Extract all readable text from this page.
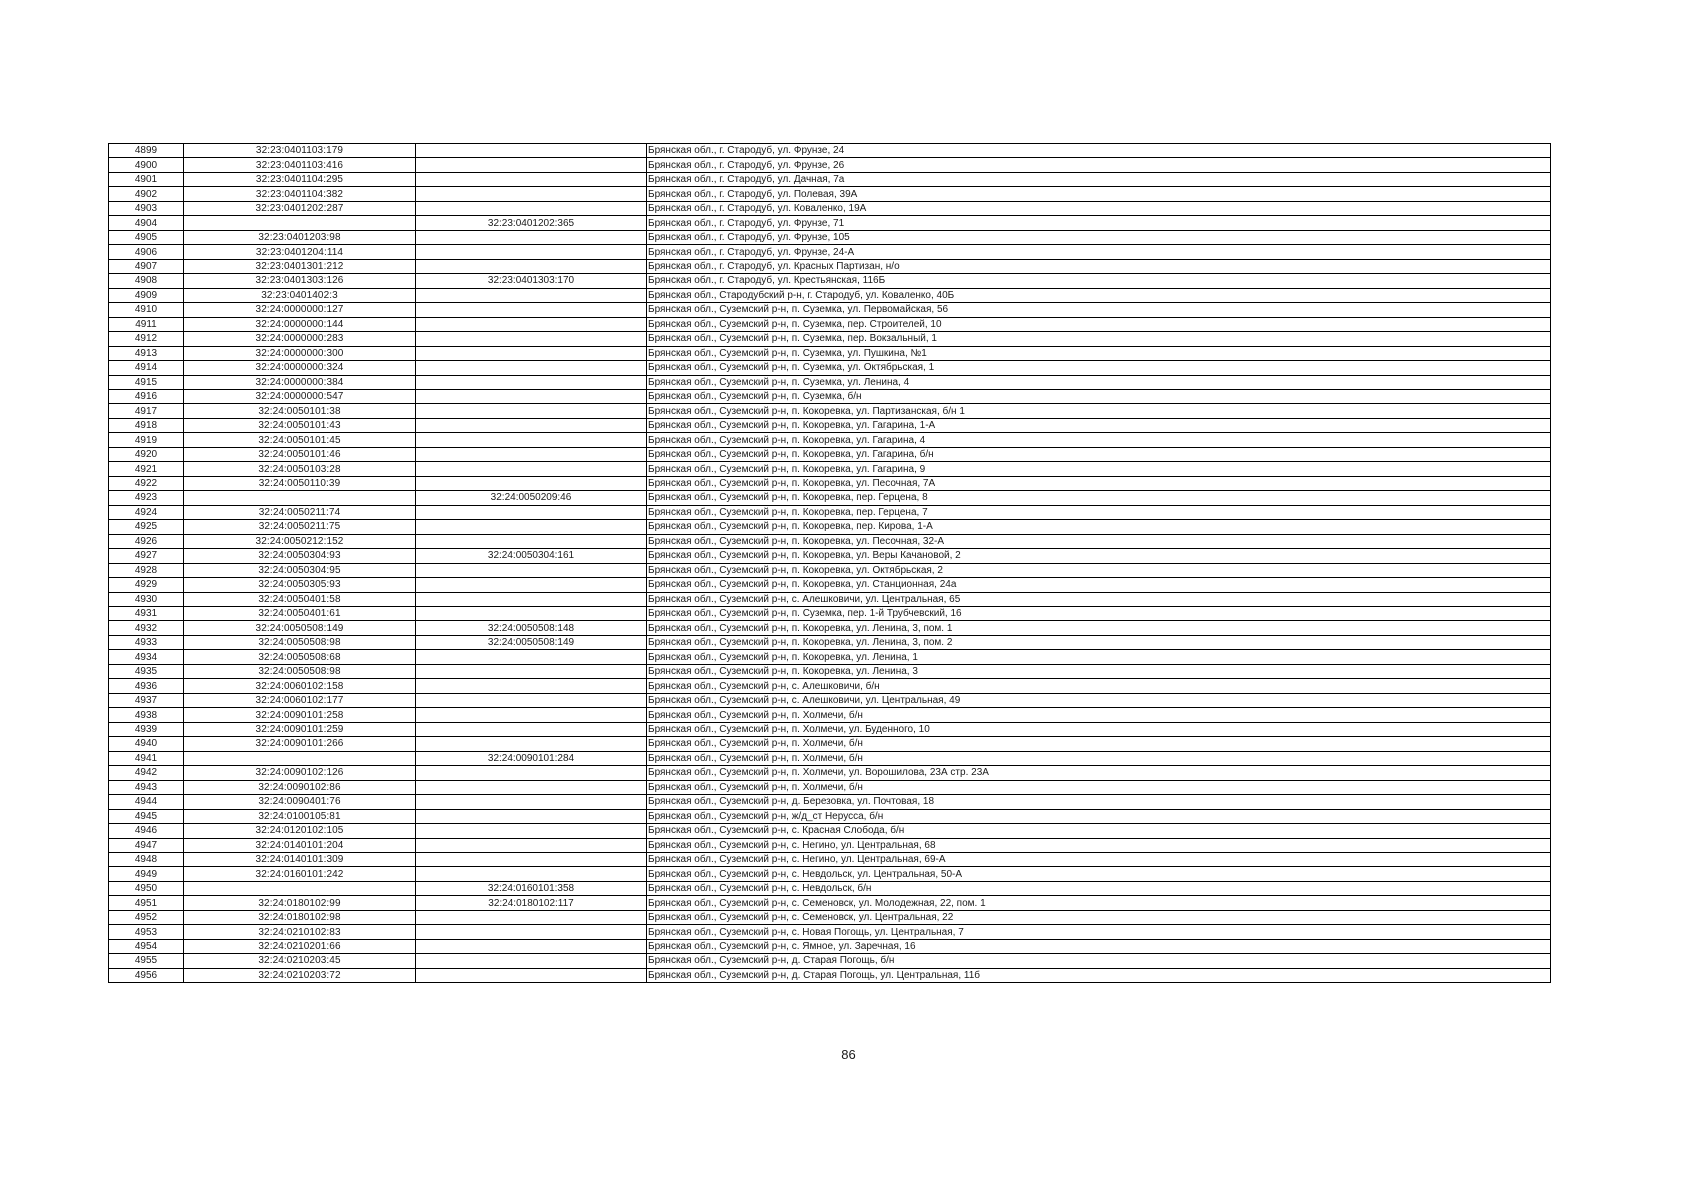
4899	32:23:0401103:179		Брянская обл., г. Стародуб, ул. Фрунзе, 24
4900	32:23:0401103:416		Брянская обл., г. Стародуб, ул. Фрунзе, 26
4901	32:23:0401104:295		Брянская обл., г. Стародуб, ул. Дачная, 7а
4902	32:23:0401104:382		Брянская обл., г. Стародуб, ул. Полевая, 39А
4903	32:23:0401202:287		Брянская обл., г. Стародуб, ул. Коваленко, 19А
4904		32:23:0401202:365	Брянская обл., г. Стародуб, ул. Фрунзе, 71
4905	32:23:0401203:98		Брянская обл., г. Стародуб, ул. Фрунзе, 105
4906	32:23:0401204:114		Брянская обл., г. Стародуб, ул. Фрунзе, 24-А
4907	32:23:0401301:212		Брянская обл., г. Стародуб, ул. Красных Партизан, н/о
4908	32:23:0401303:126	32:23:0401303:170	Брянская обл., г. Стародуб, ул. Крестьянская, 116Б
4909	32:23:0401402:3		Брянская обл., Стародубский р-н, г. Стародуб, ул. Коваленко, 40Б
4910	32:24:0000000:127		Брянская обл., Суземский р-н, п. Суземка, ул. Первомайская, 56
4911	32:24:0000000:144		Брянская обл., Суземский р-н, п. Суземка, пер. Строителей, 10
4912	32:24:0000000:283		Брянская обл., Суземский р-н, п. Суземка, пер. Вокзальный, 1
4913	32:24:0000000:300		Брянская обл., Суземский р-н, п. Суземка, ул. Пушкина, №1
4914	32:24:0000000:324		Брянская обл., Суземский р-н, п. Суземка, ул. Октябрьская, 1
4915	32:24:0000000:384		Брянская обл., Суземский р-н, п. Суземка, ул. Ленина, 4
4916	32:24:0000000:547		Брянская обл., Суземский р-н, п. Суземка, б/н
4917	32:24:0050101:38		Брянская обл., Суземский р-н, п. Кокоревка, ул. Партизанская, б/н 1
4918	32:24:0050101:43		Брянская обл., Суземский р-н, п. Кокоревка, ул. Гагарина, 1-А
4919	32:24:0050101:45		Брянская обл., Суземский р-н, п. Кокоревка, ул. Гагарина, 4
4920	32:24:0050101:46		Брянская обл., Суземский р-н, п. Кокоревка, ул. Гагарина, б/н
4921	32:24:0050103:28		Брянская обл., Суземский р-н, п. Кокоревка, ул. Гагарина, 9
4922	32:24:0050110:39		Брянская обл., Суземский р-н, п. Кокоревка, ул. Песочная, 7А
4923		32:24:0050209:46	Брянская обл., Суземский р-н, п. Кокоревка, пер. Герцена, 8
4924	32:24:0050211:74		Брянская обл., Суземский р-н, п. Кокоревка, пер. Герцена, 7
4925	32:24:0050211:75		Брянская обл., Суземский р-н, п. Кокоревка, пер. Кирова, 1-А
4926	32:24:0050212:152		Брянская обл., Суземский р-н, п. Кокоревка, ул. Песочная, 32-А
4927	32:24:0050304:93	32:24:0050304:161	Брянская обл., Суземский р-н, п. Кокоревка, ул. Веры Качановой, 2
4928	32:24:0050304:95		Брянская обл., Суземский р-н, п. Кокоревка, ул. Октябрьская, 2
4929	32:24:0050305:93		Брянская обл., Суземский р-н, п. Кокоревка, ул. Станционная, 24а
4930	32:24:0050401:58		Брянская обл., Суземский р-н, с. Алешковичи, ул. Центральная, 65
4931	32:24:0050401:61		Брянская обл., Суземский р-н, п. Суземка, пер. 1-й Трубчевский, 16
4932	32:24:0050508:149	32:24:0050508:148	Брянская обл., Суземский р-н, п. Кокоревка, ул. Ленина, 3, пом. 1
4933	32:24:0050508:98	32:24:0050508:149	Брянская обл., Суземский р-н, п. Кокоревка, ул. Ленина, 3, пом. 2
4934	32:24:0050508:68		Брянская обл., Суземский р-н, п. Кокоревка, ул. Ленина, 1
4935	32:24:0050508:98		Брянская обл., Суземский р-н, п. Кокоревка, ул. Ленина, 3
4936	32:24:0060102:158		Брянская обл., Суземский р-н, с. Алешковичи, б/н
4937	32:24:0060102:177		Брянская обл., Суземский р-н, с. Алешковичи, ул. Центральная, 49
4938	32:24:0090101:258		Брянская обл., Суземский р-н, п. Холмечи, б/н
4939	32:24:0090101:259		Брянская обл., Суземский р-н, п. Холмечи, ул. Буденного, 10
4940	32:24:0090101:266		Брянская обл., Суземский р-н, п. Холмечи, б/н
4941		32:24:0090101:284	Брянская обл., Суземский р-н, п. Холмечи, б/н
4942	32:24:0090102:126		Брянская обл., Суземский р-н, п. Холмечи, ул. Ворошилова, 23А стр. 23А
4943	32:24:0090102:86		Брянская обл., Суземский р-н, п. Холмечи, б/н
4944	32:24:0090401:76		Брянская обл., Суземский р-н, д. Березовка, ул. Почтовая, 18
4945	32:24:0100105:81		Брянская обл., Суземский р-н, ж/д_ст Нерусса, б/н
4946	32:24:0120102:105		Брянская обл., Суземский р-н, с. Красная Слобода, б/н
4947	32:24:0140101:204		Брянская обл., Суземский р-н, с. Негино, ул. Центральная, 68
4948	32:24:0140101:309		Брянская обл., Суземский р-н, с. Негино, ул. Центральная, 69-А
4949	32:24:0160101:242		Брянская обл., Суземский р-н, с. Невдольск, ул. Центральная, 50-А
4950		32:24:0160101:358	Брянская обл., Суземский р-н, с. Невдольск, б/н
4951	32:24:0180102:99	32:24:0180102:117	Брянская обл., Суземский р-н, с. Семеновск, ул. Молодежная, 22, пом. 1
4952	32:24:0180102:98		Брянская обл., Суземский р-н, с. Семеновск, ул. Центральная, 22
4953	32:24:0210102:83		Брянская обл., Суземский р-н, с. Новая Погощь, ул. Центральная, 7
4954	32:24:0210201:66		Брянская обл., Суземский р-н, с. Ямное, ул. Заречная, 16
4955	32:24:0210203:45		Брянская обл., Суземский р-н, д. Старая Погощь, б/н
4956	32:24:0210203:72		Брянская обл., Суземский р-н, д. Старая Погощь, ул. Центральная, 11б
86
